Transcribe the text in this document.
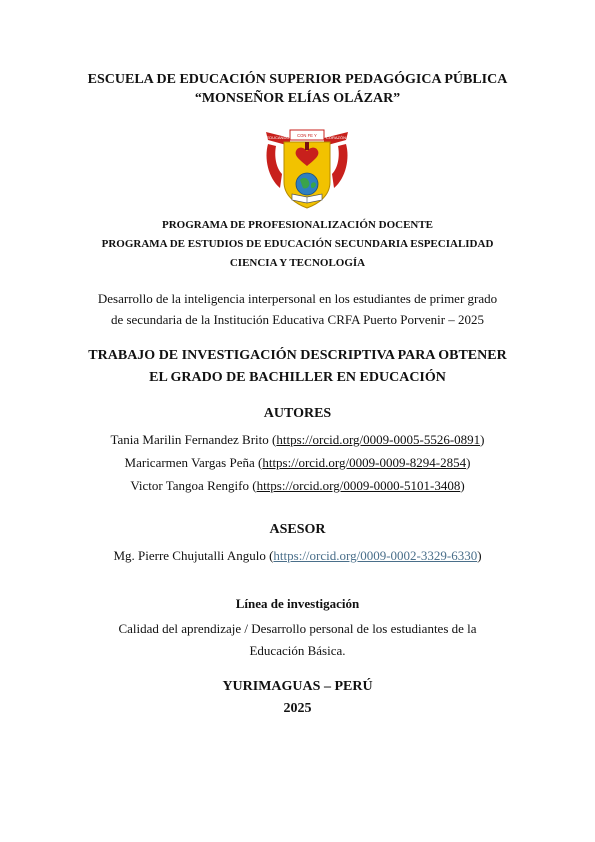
ESCUELA DE EDUCACIÓN SUPERIOR PEDAGÓGICA PÚBLICA
“MONSEÑOR ELÍAS OLÁZAR”
EDUCANDO CON FE Y CORAZÓN
PROGRAMA DE PROFESIONALIZACIÓN DOCENTE
PROGRAMA DE ESTUDIOS DE EDUCACIÓN SECUNDARIA ESPECIALIDAD
CIENCIA Y TECNOLOGÍA
Desarrollo de la inteligencia interpersonal en los estudiantes de primer grado
de secundaria de la Institución Educativa CRFA Puerto Porvenir – 2025
TRABAJO DE INVESTIGACIÓN DESCRIPTIVA PARA OBTENER
EL GRADO DE BACHILLER EN EDUCACIÓN
AUTORES
Tania Marilin Fernandez Brito (https://orcid.org/0009-0005-5526-0891)
Maricarmen Vargas Peña (https://orcid.org/0009-0009-8294-2854)
Victor Tangoa Rengifo (https://orcid.org/0009-0000-5101-3408)
ASESOR
Mg. Pierre Chujutalli Angulo (https://orcid.org/0009-0002-3329-6330)
Línea de investigación
Calidad del aprendizaje / Desarrollo personal de los estudiantes de la
Educación Básica.
YURIMAGUAS – PERÚ
2025
